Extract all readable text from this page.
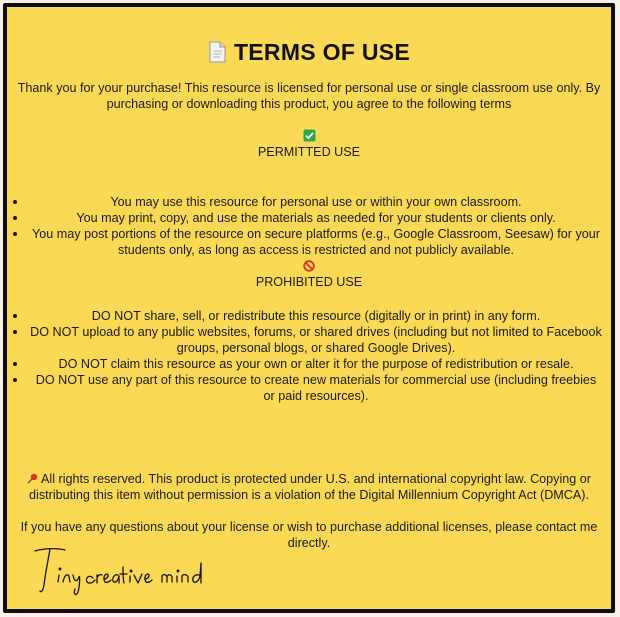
TERMS OF USE
Thank you for your purchase! This resource is licensed for personal use or single classroom use only. By purchasing or downloading this product, you agree to the following terms
PERMITTED USE
You may use this resource for personal use or within your own classroom.
You may print, copy, and use the materials as needed for your students or clients only.
You may post portions of the resource on secure platforms (e.g., Google Classroom, Seesaw) for your students only, as long as access is restricted and not publicly available.
PROHIBITED USE
DO NOT share, sell, or redistribute this resource (digitally or in print) in any form.
DO NOT upload to any public websites, forums, or shared drives (including but not limited to Facebook groups, personal blogs, or shared Google Drives).
DO NOT claim this resource as your own or alter it for the purpose of redistribution or resale.
DO NOT use any part of this resource to create new materials for commercial use (including freebies or paid resources).
All rights reserved. This product is protected under U.S. and international copyright law. Copying or distributing this item without permission is a violation of the Digital Millennium Copyright Act (DMCA).
If you have any questions about your license or wish to purchase additional licenses, please contact me directly.
